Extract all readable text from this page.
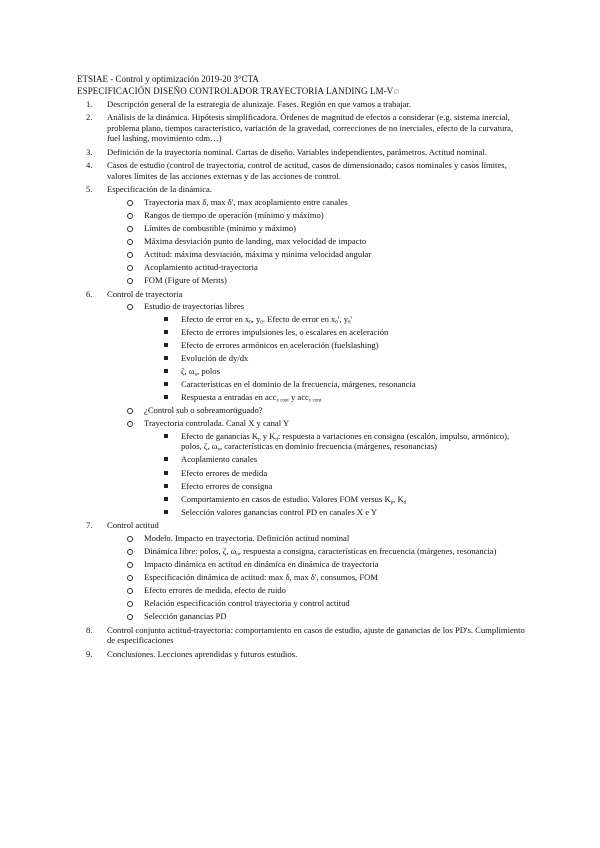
ETSIAE - Control y optimización 2019-20 3°CTA
ESPECIFICACIÓN DISEÑO CONTROLADOR TRAYECTORIA LANDING LM-V∅
1. Descripción general de la estrategia de alunizaje. Fases. Región en que vamos a trabajar.
2. Análisis de la dinámica. Hipótesis simplificadora. Órdenes de magnitud de efectos a considerar (e.g. sistema inercial, problema plano, tiempos característico, variación de la gravedad, correcciones de no inerciales, efecto de la curvatura, fuel lashing, movimiento cdm…)
3. Definición de la trayectoria nominal. Cartas de diseño. Variables independientes, parámetros. Actitud nominal.
4. Casos de estudio (control de trayectoria, control de actitud, casos de dimensionado; casos nominales y casos límites, valores límites de las acciones externas y de las acciones de control.
5. Especificación de la dinámica.
Trayectoria max δ, max δ', max acoplamiento entre canales
Rangos de tiempo de operación (mínimo y máximo)
Límites de combustible (mínimo y máximo)
Máxima desviación punto de landing, max velocidad de impacto
Actitud: máxima desviación, máxima y mínima velocidad angular
Acoplamiento actitud-trayectoria
FOM (Figure of Merits)
6. Control de trayectoria
Estudio de trayectorias libres
Efecto de error en $x_0$, $y_0$. Efecto de error en $x_0'$, $y_0'$
Efecto de errores impulsiones les, o escalares en aceleración
Efecto de errores armónicos en aceleración (fuelslashing)
Evolución de dy/dx
ζ, $\omega_n$, polos
Características en el dominio de la frecuencia, márgenes, resonancia
Respuesta a entradas en acc$_{x cont}$ y acc$_{y cont}$
¿Control sub o sobreamortiguado?
Trayectoria controlada. Canal X y canal Y
Efecto de ganancias $K_p$ y $K_d$: respuesta a variaciones en consigna (escalón, impulso, armónico), polos, ζ, $\omega_n$, características en dominio frecuencia (márgenes, resonancias)
Acoplamiento canales
Efecto errores de medida
Efecto errores de consigna
Comportamiento en casos de estudio. Valores FOM versus $K_p$, $K_d$
Selección valores ganancias control PD en canales X e Y
7. Control actitud
Modelo. Impacto en trayectoria. Definición actitud nominal
Dinámica libre: polos, ζ, $\omega_n$, respuesta a consigna, características en frecuencia (márgenes, resonancia)
Impacto dinámica en actitud en dinámica en dinámica de trayectoria
Especificación dinámica de actitud: max δ, max δ', consumos, FOM
Efecto errores de medida, efecto de ruido
Relación especificación control trayectoria y control actitud
Selección ganancias PD
8. Control conjunto actitud-trayectoria: comportamiento en casos de estudio, ajuste de ganancias de los PD's. Cumplimiento de especificaciones
9. Conclusiones. Lecciones aprendidas y futuros estudios.
